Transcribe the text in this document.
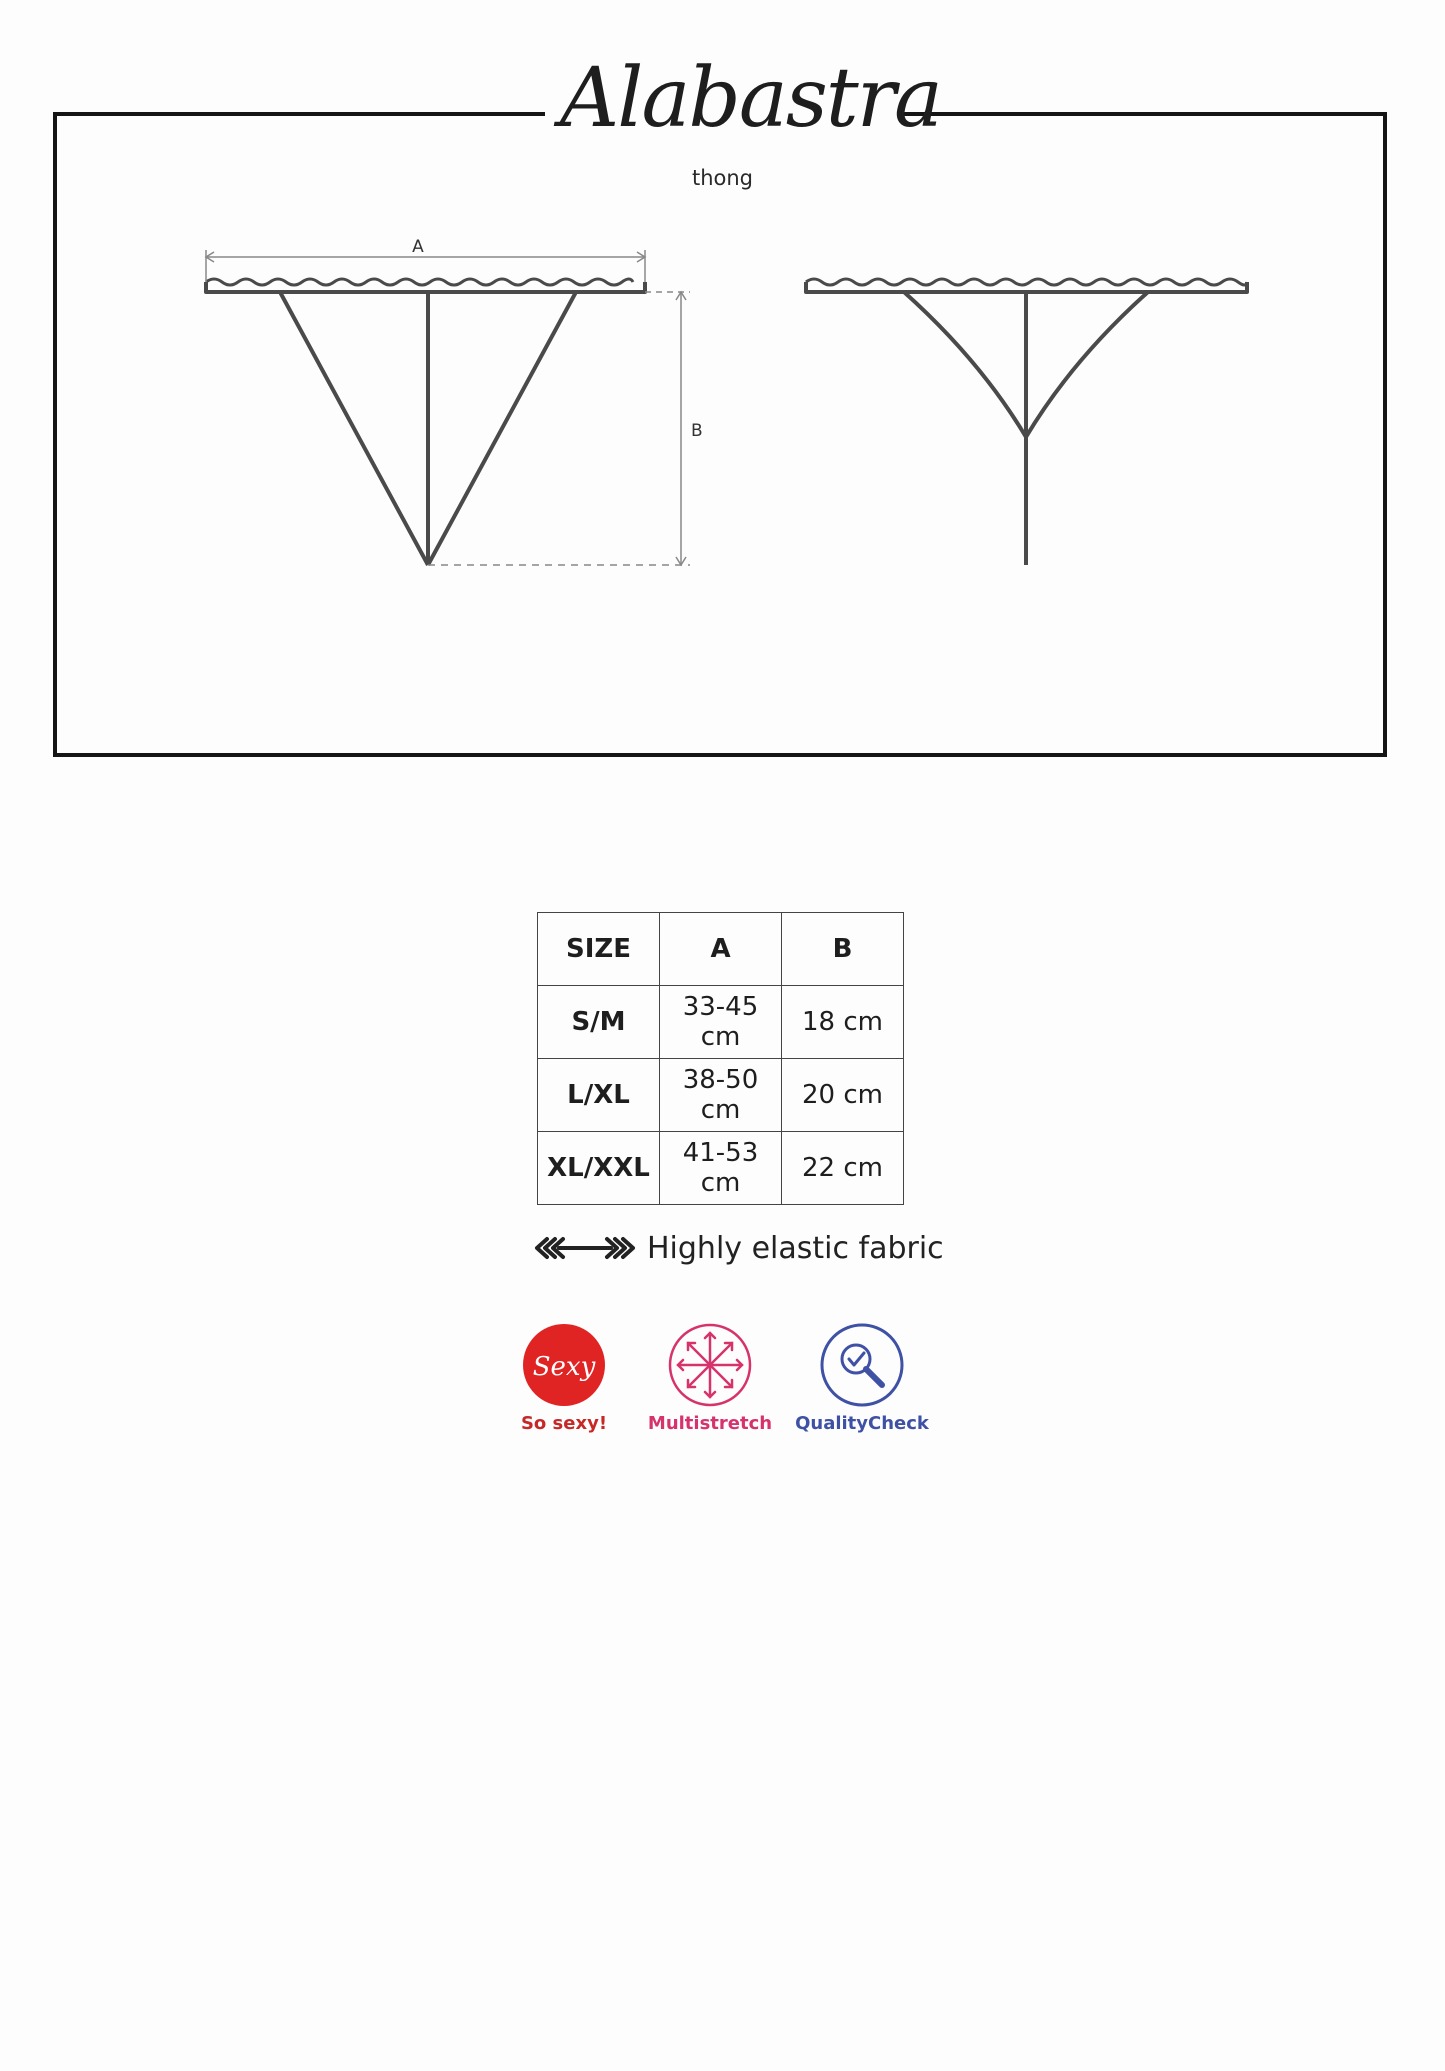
Alabastra
thong
A
B
SIZE	A	B
S/M	33-45 cm	18 cm
L/XL	38-50 cm	20 cm
XL/XXL	41-53 cm	22 cm
Highly elastic fabric
Sexy
So sexy!	Multistretch	QualityCheck
